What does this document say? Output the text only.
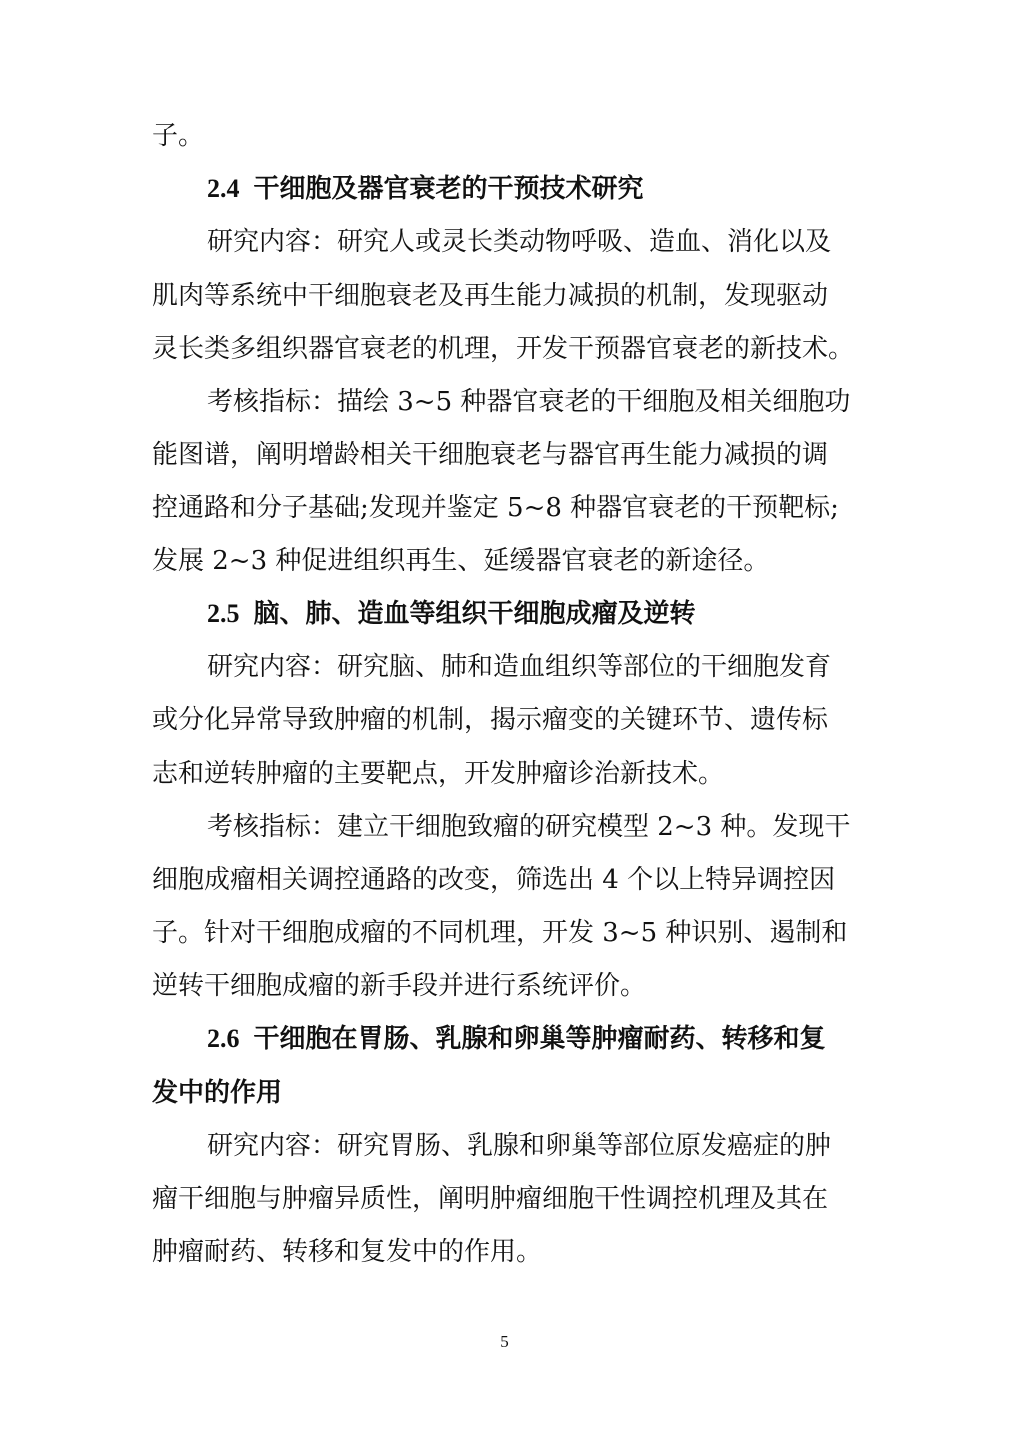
子。

2.4 干细胞及器官衰老的干预技术研究

研究内容：研究人或灵长类动物呼吸、造血、消化以及

肌肉等系统中干细胞衰老及再生能力减损的机制，发现驱动

灵长类多组织器官衰老的机理，开发干预器官衰老的新技术。

考核指标：描绘 3~5 种器官衰老的干细胞及相关细胞功

能图谱，阐明增龄相关干细胞衰老与器官再生能力减损的调

控通路和分子基础;发现并鉴定 5~8 种器官衰老的干预靶标;

发展 2~3 种促进组织再生、延缓器官衰老的新途径。

2.5 脑、肺、造血等组织干细胞成瘤及逆转

研究内容：研究脑、肺和造血组织等部位的干细胞发育

或分化异常导致肿瘤的机制，揭示瘤变的关键环节、遗传标

志和逆转肿瘤的主要靶点，开发肿瘤诊治新技术。

考核指标：建立干细胞致瘤的研究模型 2~3 种。发现干

细胞成瘤相关调控通路的改变，筛选出 4 个以上特异调控因

子。针对干细胞成瘤的不同机理，开发 3~5 种识别、遏制和

逆转干细胞成瘤的新手段并进行系统评价。

2.6 干细胞在胃肠、乳腺和卵巢等肿瘤耐药、转移和复

发中的作用

研究内容：研究胃肠、乳腺和卵巢等部位原发癌症的肿

瘤干细胞与肿瘤异质性，阐明肿瘤细胞干性调控机理及其在

肿瘤耐药、转移和复发中的作用。

5
